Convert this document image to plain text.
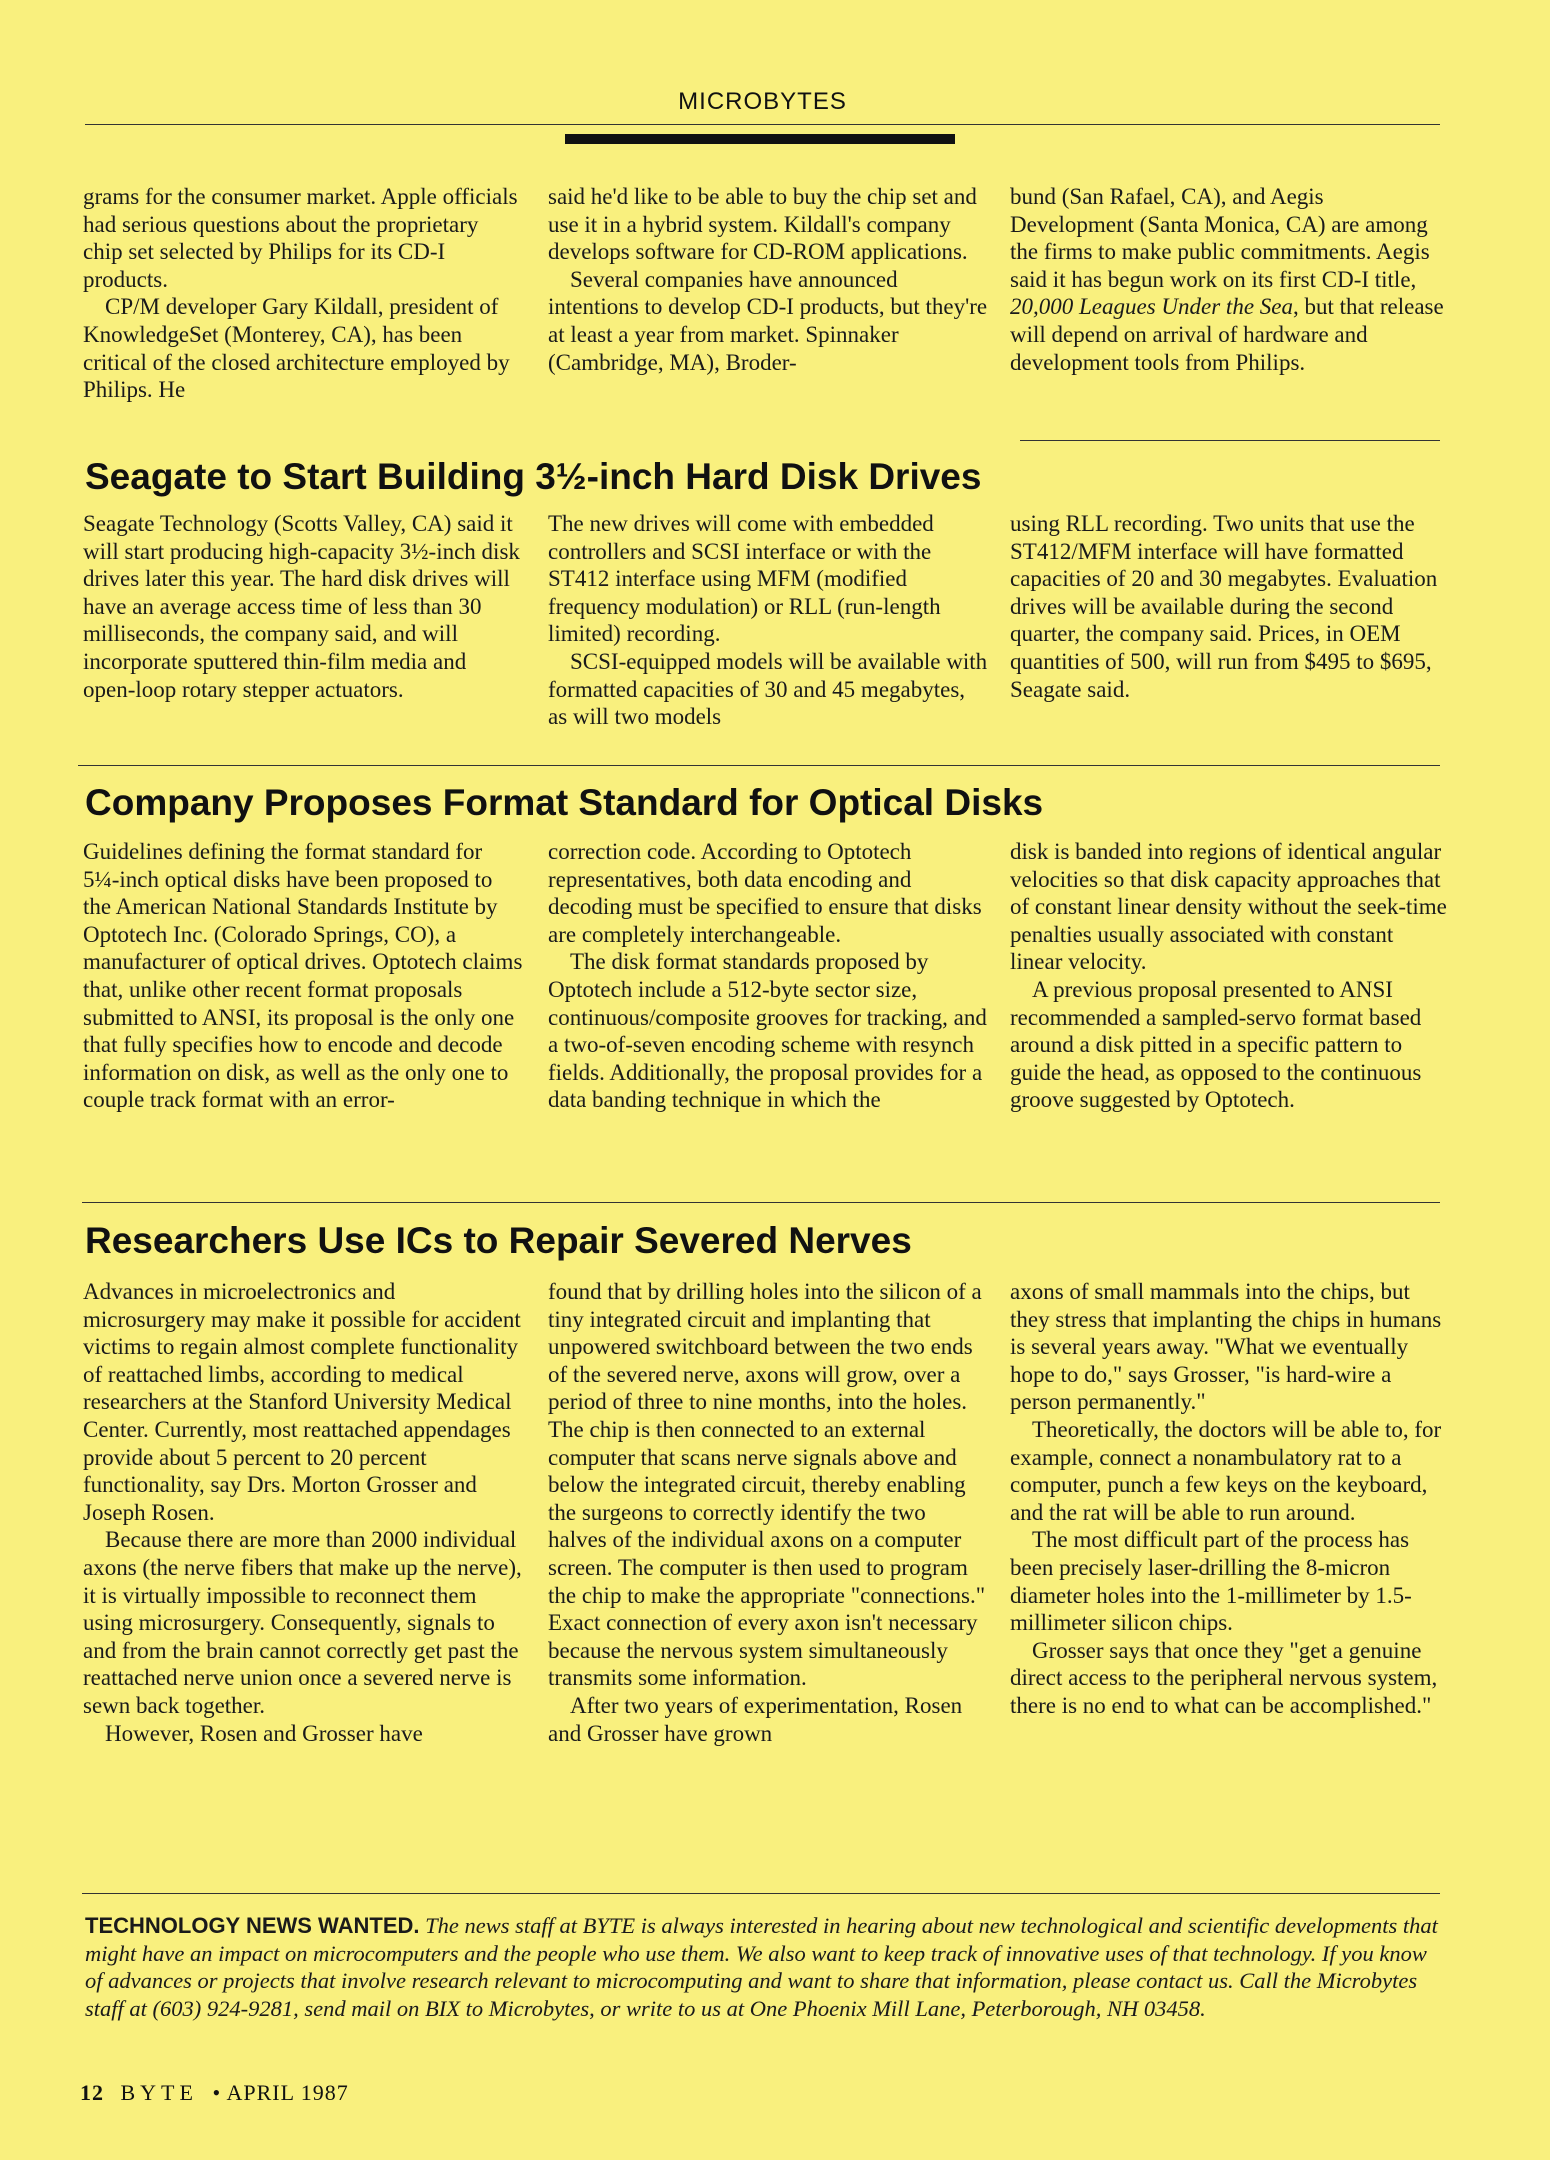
MICROBYTES

grams for the consumer market. Apple officials had serious questions about the proprietary chip set selected by Philips for its CD-I products.

CP/M developer Gary Kildall, president of KnowledgeSet (Monterey, CA), has been critical of the closed architecture employed by Philips. He

said he'd like to be able to buy the chip set and use it in a hybrid system. Kildall's company develops software for CD-ROM applications.

Several companies have announced intentions to develop CD-I products, but they're at least a year from market. Spinnaker (Cambridge, MA), Broder-

bund (San Rafael, CA), and Aegis Development (Santa Monica, CA) are among the firms to make public commitments. Aegis said it has begun work on its first CD-I title, 20,000 Leagues Under the Sea, but that release will depend on arrival of hardware and development tools from Philips.

Seagate to Start Building 3½-inch Hard Disk Drives

Seagate Technology (Scotts Valley, CA) said it will start producing high-capacity 3½-inch disk drives later this year. The hard disk drives will have an average access time of less than 30 milliseconds, the company said, and will incorporate sputtered thin-film media and open-loop rotary stepper actuators.

The new drives will come with embedded controllers and SCSI interface or with the ST412 interface using MFM (modified frequency modulation) or RLL (run-length limited) recording.

SCSI-equipped models will be available with formatted capacities of 30 and 45 megabytes, as will two models

using RLL recording. Two units that use the ST412/MFM interface will have formatted capacities of 20 and 30 megabytes. Evaluation drives will be available during the second quarter, the company said. Prices, in OEM quantities of 500, will run from $495 to $695, Seagate said.

Company Proposes Format Standard for Optical Disks

Guidelines defining the format standard for 5¼-inch optical disks have been proposed to the American National Standards Institute by Optotech Inc. (Colorado Springs, CO), a manufacturer of optical drives. Optotech claims that, unlike other recent format proposals submitted to ANSI, its proposal is the only one that fully specifies how to encode and decode information on disk, as well as the only one to couple track format with an error-

correction code. According to Optotech representatives, both data encoding and decoding must be specified to ensure that disks are completely interchangeable.

The disk format standards proposed by Optotech include a 512-byte sector size, continuous/composite grooves for tracking, and a two-of-seven encoding scheme with resynch fields. Additionally, the proposal provides for a data banding technique in which the

disk is banded into regions of identical angular velocities so that disk capacity approaches that of constant linear density without the seek-time penalties usually associated with constant linear velocity.

A previous proposal presented to ANSI recommended a sampled-servo format based around a disk pitted in a specific pattern to guide the head, as opposed to the continuous groove suggested by Optotech.

Researchers Use ICs to Repair Severed Nerves

Advances in microelectronics and microsurgery may make it possible for accident victims to regain almost complete functionality of reattached limbs, according to medical researchers at the Stanford University Medical Center. Currently, most reattached appendages provide about 5 percent to 20 percent functionality, say Drs. Morton Grosser and Joseph Rosen.

Because there are more than 2000 individual axons (the nerve fibers that make up the nerve), it is virtually impossible to reconnect them using microsurgery. Consequently, signals to and from the brain cannot correctly get past the reattached nerve union once a severed nerve is sewn back together.

However, Rosen and Grosser have

found that by drilling holes into the silicon of a tiny integrated circuit and implanting that unpowered switchboard between the two ends of the severed nerve, axons will grow, over a period of three to nine months, into the holes. The chip is then connected to an external computer that scans nerve signals above and below the integrated circuit, thereby enabling the surgeons to correctly identify the two halves of the individual axons on a computer screen. The computer is then used to program the chip to make the appropriate "connections." Exact connection of every axon isn't necessary because the nervous system simultaneously transmits some information.

After two years of experimentation, Rosen and Grosser have grown

axons of small mammals into the chips, but they stress that implanting the chips in humans is several years away. "What we eventually hope to do," says Grosser, "is hard-wire a person permanently."

Theoretically, the doctors will be able to, for example, connect a nonambulatory rat to a computer, punch a few keys on the keyboard, and the rat will be able to run around.

The most difficult part of the process has been precisely laser-drilling the 8-micron diameter holes into the 1-millimeter by 1.5-millimeter silicon chips.

Grosser says that once they "get a genuine direct access to the peripheral nervous system, there is no end to what can be accomplished."

TECHNOLOGY NEWS WANTED. The news staff at BYTE is always interested in hearing about new technological and scientific developments that might have an impact on microcomputers and the people who use them. We also want to keep track of innovative uses of that technology. If you know of advances or projects that involve research relevant to microcomputing and want to share that information, please contact us. Call the Microbytes staff at (603) 924-9281, send mail on BIX to Microbytes, or write to us at One Phoenix Mill Lane, Peterborough, NH 03458.
12 BYTE • APRIL 1987
